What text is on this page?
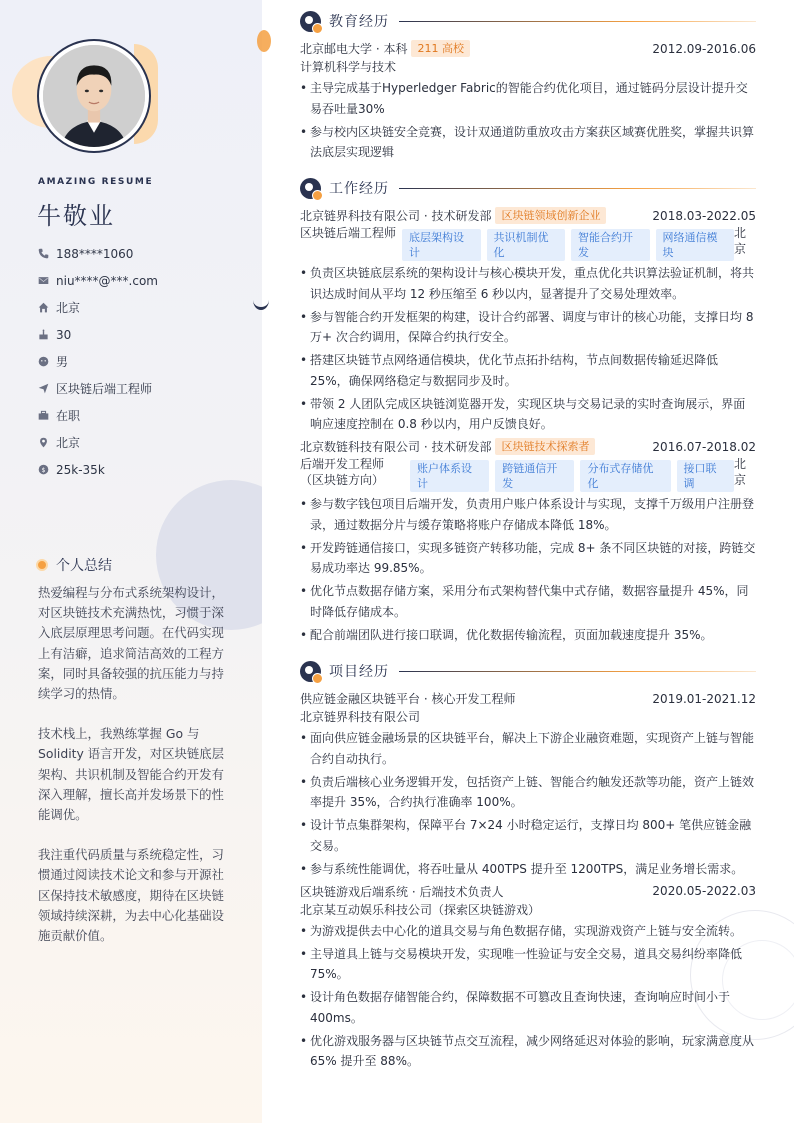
AMAZING RESUME
牛敬业
188****1060
niu****@***.com
北京
30
男
区块链后端工程师
在职
北京
$ 25k-35k
个人总结

热爱编程与分布式系统架构设计，对区块链技术充满热忱，习惯于深入底层原理思考问题。在代码实现上有洁癖，追求简洁高效的工程方案，同时具备较强的抗压能力与持续学习的热情。

技术栈上，我熟练掌握 Go 与 Solidity 语言开发，对区块链底层架构、共识机制及智能合约开发有深入理解，擅长高并发场景下的性能调优。

我注重代码质量与系统稳定性，习惯通过阅读技术论文和参与开源社区保持技术敏感度，期待在区块链领域持续深耕，为去中心化基础设施贡献价值。

教育经历
北京邮电大学 · 本科 211 高校	2012.09-2016.06
计算机科学与技术
• 主导完成基于Hyperledger Fabric的智能合约优化项目，通过链码分层设计提升交易吞吐量30%
• 参与校内区块链安全竞赛，设计双通道防重放攻击方案获区域赛优胜奖，掌握共识算法底层实现逻辑
工作经历
北京链界科技有限公司 · 技术研发部 区块链领域创新企业	2018.03-2022.05
区块链后端工程师	底层架构设计
共识机制优化
智能合约开发
网络通信模块
北京
• 负责区块链底层系统的架构设计与核心模块开发，重点优化共识算法验证机制，将共识达成时间从平均 12 秒压缩至 6 秒以内，显著提升了交易处理效率。
• 参与智能合约开发框架的构建，设计合约部署、调度与审计的核心功能，支撑日均 8 万+ 次合约调用，保障合约执行安全。
• 搭建区块链节点网络通信模块，优化节点拓扑结构，节点间数据传输延迟降低 25%，确保网络稳定与数据同步及时。
• 带领 2 人团队完成区块链浏览器开发，实现区块与交易记录的实时查询展示，界面响应速度控制在 0.8 秒以内，用户反馈良好。
北京数链科技有限公司 · 技术研发部 区块链技术探索者	2016.07-2018.02
后端开发工程师（区块链方向）
账户体系设计
跨链通信开发
分布式存储优化
接口联调
北京
• 参与数字钱包项目后端开发，负责用户账户体系设计与实现，支撑千万级用户注册登录，通过数据分片与缓存策略将账户存储成本降低 18%。
• 开发跨链通信接口，实现多链资产转移功能，完成 8+ 条不同区块链的对接，跨链交易成功率达 99.85%。
• 优化节点数据存储方案，采用分布式架构替代集中式存储，数据容量提升 45%，同时降低存储成本。
• 配合前端团队进行接口联调，优化数据传输流程，页面加载速度提升 35%。
项目经历
供应链金融区块链平台 · 核心开发工程师	2019.01-2021.12
北京链界科技有限公司
• 面向供应链金融场景的区块链平台，解决上下游企业融资难题，实现资产上链与智能合约自动执行。
• 负责后端核心业务逻辑开发，包括资产上链、智能合约触发还款等功能，资产上链效率提升 35%，合约执行准确率 100%。
• 设计节点集群架构，保障平台 7×24 小时稳定运行，支撑日均 800+ 笔供应链金融交易。
• 参与系统性能调优，将吞吐量从 400TPS 提升至 1200TPS，满足业务增长需求。
区块链游戏后端系统 · 后端技术负责人	2020.05-2022.03
北京某互动娱乐科技公司（探索区块链游戏）
• 为游戏提供去中心化的道具交易与角色数据存储，实现游戏资产上链与安全流转。
• 主导道具上链与交易模块开发，实现唯一性验证与安全交易，道具交易纠纷率降低 75%。
• 设计角色数据存储智能合约，保障数据不可篡改且查询快速，查询响应时间小于 400ms。
• 优化游戏服务器与区块链节点交互流程，减少网络延迟对体验的影响，玩家满意度从 65% 提升至 88%。
